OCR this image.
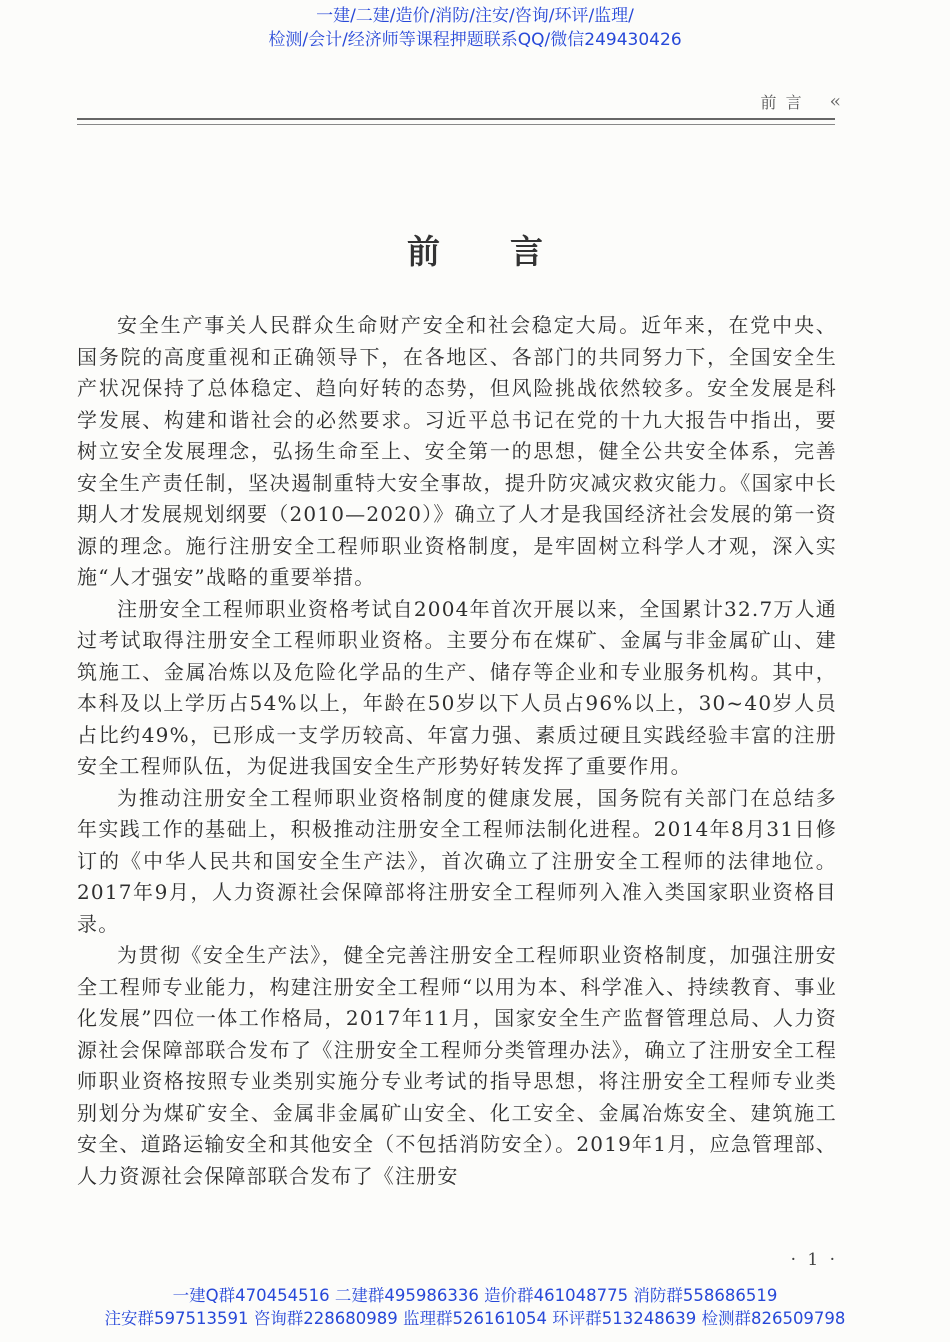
一建/二建/造价/消防/注安/咨询/环评/监理/
检测/会计/经济师等课程押题联系QQ/微信249430426
前 言 ‹‹
前言

安全生产事关人民群众生命财产安全和社会稳定大局。近年来，在党中央、国务院的高度重视和正确领导下，在各地区、各部门的共同努力下，全国安全生产状况保持了总体稳定、趋向好转的态势，但风险挑战依然较多。安全发展是科学发展、构建和谐社会的必然要求。习近平总书记在党的十九大报告中指出，要树立安全发展理念，弘扬生命至上、安全第一的思想，健全公共安全体系，完善安全生产责任制，坚决遏制重特大安全事故，提升防灾减灾救灾能力。《国家中长期人才发展规划纲要（2010—2020）》确立了人才是我国经济社会发展的第一资源的理念。施行注册安全工程师职业资格制度，是牢固树立科学人才观，深入实施“人才强安”战略的重要举措。

注册安全工程师职业资格考试自2004年首次开展以来，全国累计32.7万人通过考试取得注册安全工程师职业资格。主要分布在煤矿、金属与非金属矿山、建筑施工、金属冶炼以及危险化学品的生产、储存等企业和专业服务机构。其中，本科及以上学历占54%以上，年龄在50岁以下人员占96%以上，30~40岁人员占比约49%，已形成一支学历较高、年富力强、素质过硬且实践经验丰富的注册安全工程师队伍，为促进我国安全生产形势好转发挥了重要作用。

为推动注册安全工程师职业资格制度的健康发展，国务院有关部门在总结多年实践工作的基础上，积极推动注册安全工程师法制化进程。2014年8月31日修订的《中华人民共和国安全生产法》，首次确立了注册安全工程师的法律地位。2017年9月，人力资源社会保障部将注册安全工程师列入准入类国家职业资格目录。

为贯彻《安全生产法》，健全完善注册安全工程师职业资格制度，加强注册安全工程师专业能力，构建注册安全工程师“以用为本、科学准入、持续教育、事业化发展”四位一体工作格局，2017年11月，国家安全生产监督管理总局、人力资源社会保障部联合发布了《注册安全工程师分类管理办法》，确立了注册安全工程师职业资格按照专业类别实施分专业考试的指导思想，将注册安全工程师专业类别划分为煤矿安全、金属非金属矿山安全、化工安全、金属冶炼安全、建筑施工安全、道路运输安全和其他安全（不包括消防安全）。2019年1月，应急管理部、人力资源社会保障部联合发布了《注册安

· 1 ·
一建Q群470454516 二建群495986336 造价群461048775 消防群558686519
注安群597513591 咨询群228680989 监理群526161054 环评群513248639 检测群826509798
